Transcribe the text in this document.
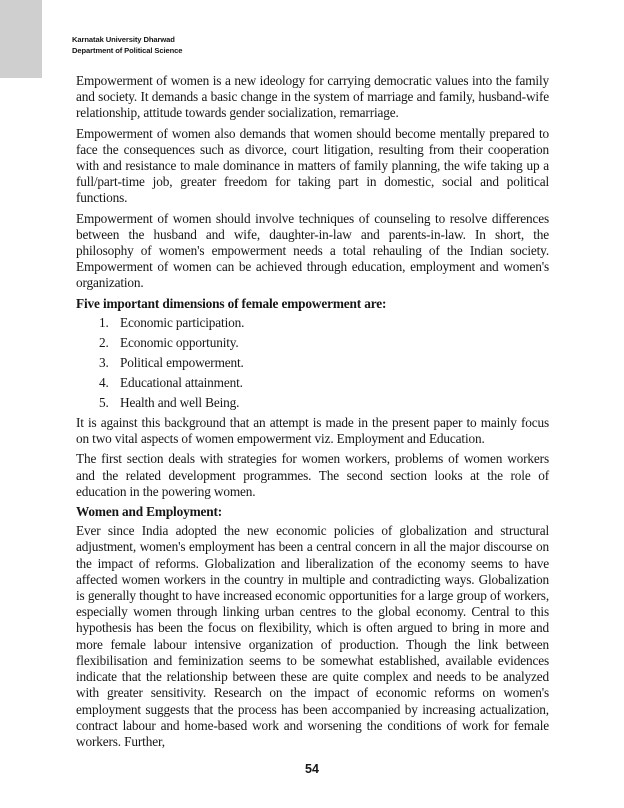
Karnatak University Dharwad
Department of Political Science

Empowerment of women is a new ideology for carrying democratic values into the family and society. It demands a basic change in the system of marriage and family, husband-wife relationship, attitude towards gender socialization, remarriage.

Empowerment of women also demands that women should become mentally prepared to face the consequences such as divorce, court litigation, resulting from their cooperation with and resistance to male dominance in matters of family planning, the wife taking up a full/part-time job, greater freedom for taking part in domestic, social and political functions.

Empowerment of women should involve techniques of counseling to resolve differences between the husband and wife, daughter-in-law and parents-in-law. In short, the philosophy of women's empowerment needs a total rehauling of the Indian society. Empowerment of women can be achieved through education, employment and women's organization.

Five important dimensions of female empowerment are:
1. Economic participation.
2. Economic opportunity.
3. Political empowerment.
4. Educational attainment.
5. Health and well Being.

It is against this background that an attempt is made in the present paper to mainly focus on two vital aspects of women empowerment viz. Employment and Education.

The first section deals with strategies for women workers, problems of women workers and the related development programmes. The second section looks at the role of education in the powering women.

Women and Employment:

Ever since India adopted the new economic policies of globalization and structural adjustment, women's employment has been a central concern in all the major discourse on the impact of reforms. Globalization and liberalization of the economy seems to have affected women workers in the country in multiple and contradicting ways. Globalization is generally thought to have increased economic opportunities for a large group of workers, especially women through linking urban centres to the global economy. Central to this hypothesis has been the focus on flexibility, which is often argued to bring in more and more female labour intensive organization of production. Though the link between flexibilisation and feminization seems to be somewhat established, available evidences indicate that the relationship between these are quite complex and needs to be analyzed with greater sensitivity. Research on the impact of economic reforms on women's employment suggests that the process has been accompanied by increasing actualization, contract labour and home-based work and worsening the conditions of work for female workers. Further,

54
